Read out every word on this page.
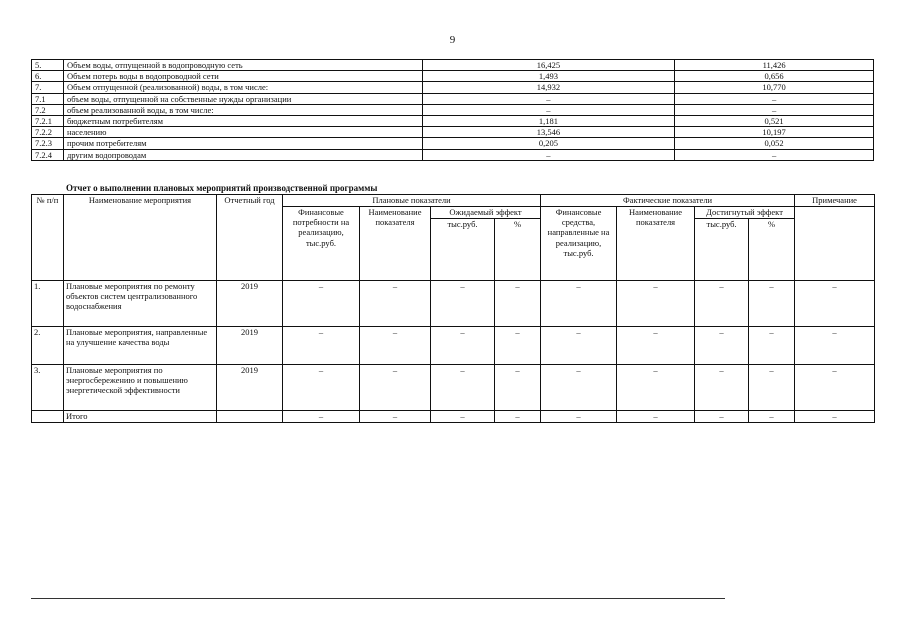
9
5.	Объем воды, отпущенной в водопроводную сеть	16,425	11,426
6.	Объем потерь воды в водопроводной сети	1,493	0,656
7.	Объем отпущенной (реализованной) воды, в том числе:	14,932	10,770
7.1	объем воды, отпущенной на собственные нужды организации	–	–
7.2	объем реализованной воды, в том числе:	–	–
7.2.1	бюджетным потребителям	1,181	0,521
7.2.2	населению	13,546	10,197
7.2.3	прочим потребителям	0,205	0,052
7.2.4	другим водопроводам	–	–
Отчет о выполнении плановых мероприятий производственной программы
№ п/п	Наименование мероприятия	Отчетный год	Плановые показатели				Фактические показатели				Примечание
			Финансовые потребности на реализацию, тыс.руб.	Наименование показателя	Ожидаемый эффект		Финансовые средства, направленные на реализацию, тыс.руб.	Наименование показателя	Достигнутый эффект		
					тыс.руб.	%			тыс.руб.	%	
1.	Плановые мероприятия по ремонту объектов систем централизованного водоснабжения	2019	–	–	–	–	–	–	–	–	–
2.	Плановые мероприятия, направленные на улучшение качества воды	2019	–	–	–	–	–	–	–	–	–
3.	Плановые мероприятия по энергосбережению и повышению энергетической эффективности	2019	–	–	–	–	–	–	–	–	–
	Итого		–	–	–	–	–	–	–	–	–
